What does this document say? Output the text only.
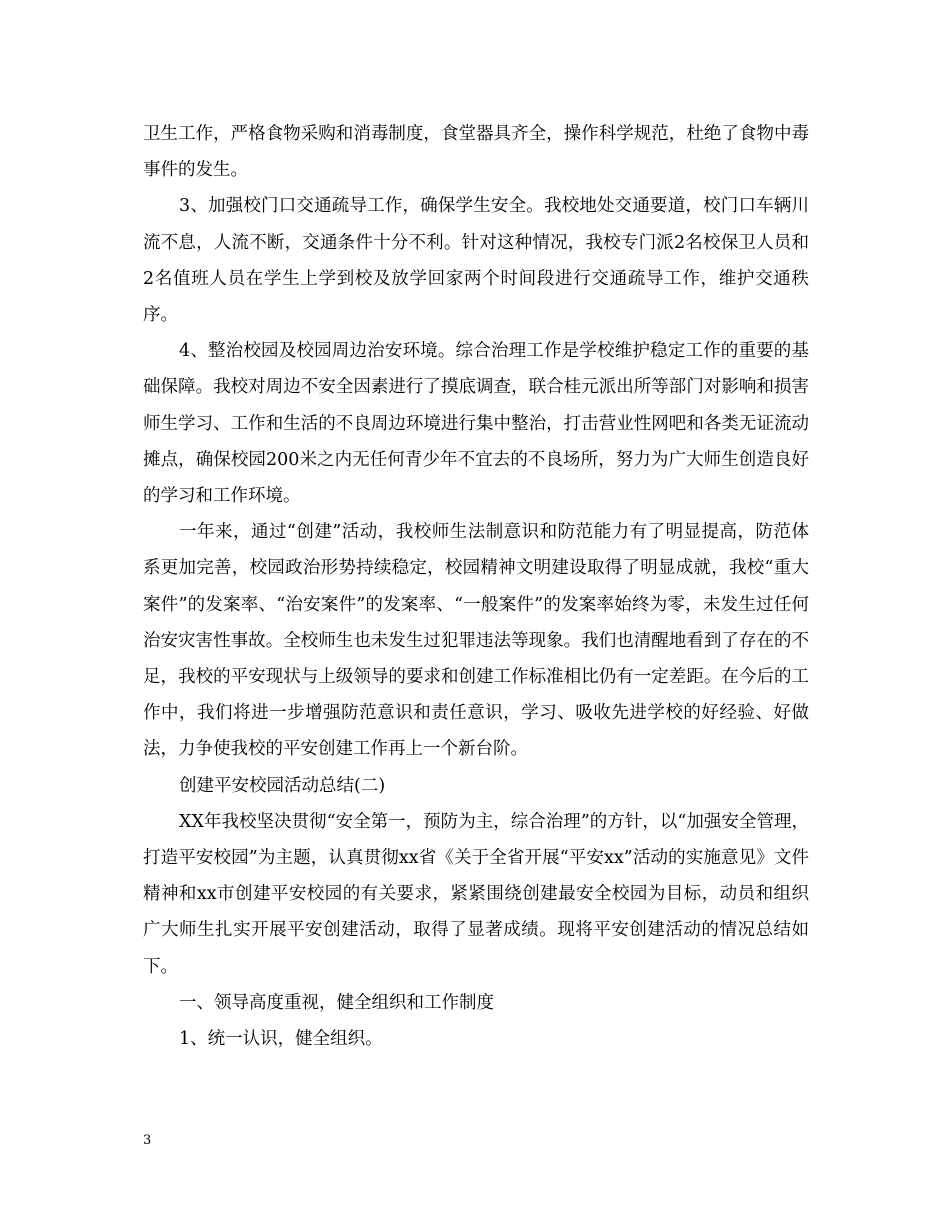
卫生工作，严格食物采购和消毒制度，食堂器具齐全，操作科学规范，杜绝了食物中毒事件的发生。

3、加强校门口交通疏导工作，确保学生安全。我校地处交通要道，校门口车辆川流不息，人流不断，交通条件十分不利。针对这种情况，我校专门派2名校保卫人员和2名值班人员在学生上学到校及放学回家两个时间段进行交通疏导工作，维护交通秩序。

4、整治校园及校园周边治安环境。综合治理工作是学校维护稳定工作的重要的基础保障。我校对周边不安全因素进行了摸底调查，联合桂元派出所等部门对影响和损害师生学习、工作和生活的不良周边环境进行集中整治，打击营业性网吧和各类无证流动摊点，确保校园200米之内无任何青少年不宜去的不良场所，努力为广大师生创造良好的学习和工作环境。

一年来，通过“创建”活动，我校师生法制意识和防范能力有了明显提高，防范体系更加完善，校园政治形势持续稳定，校园精神文明建设取得了明显成就，我校“重大案件”的发案率、“治安案件”的发案率、“一般案件”的发案率始终为零，未发生过任何治安灾害性事故。全校师生也未发生过犯罪违法等现象。我们也清醒地看到了存在的不足，我校的平安现状与上级领导的要求和创建工作标准相比仍有一定差距。在今后的工作中，我们将进一步增强防范意识和责任意识，学习、吸收先进学校的好经验、好做法，力争使我校的平安创建工作再上一个新台阶。

创建平安校园活动总结(二)

XX年我校坚决贯彻“安全第一，预防为主，综合治理”的方针，以“加强安全管理，打造平安校园”为主题，认真贯彻xx省《关于全省开展“平安xx”活动的实施意见》文件精神和xx市创建平安校园的有关要求，紧紧围绕创建最安全校园为目标，动员和组织广大师生扎实开展平安创建活动，取得了显著成绩。现将平安创建活动的情况总结如下。

一、领导高度重视，健全组织和工作制度

1、统一认识，健全组织。

3
